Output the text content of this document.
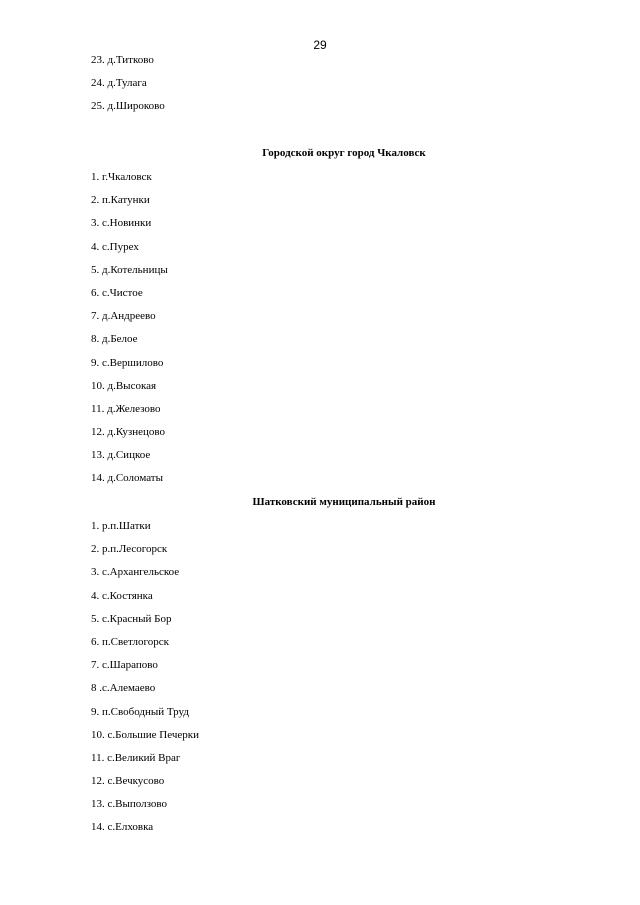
29
23. д.Титково
24. д.Тулага
25. д.Широково
Городской округ город Чкаловск
1. г.Чкаловск
2. п.Катунки
3. с.Новинки
4. с.Пурех
5. д.Котельницы
6. с.Чистое
7. д.Андреево
8. д.Белое
9. с.Вершилово
10. д.Высокая
11. д.Железово
12. д.Кузнецово
13. д.Сицкое
14. д.Соломаты
Шатковский муниципальный район
1. р.п.Шатки
2. р.п.Лесогорск
3. с.Архангельское
4. с.Костянка
5. с.Красный Бор
6. п.Светлогорск
7. с.Шарапово
8 .с.Алемаево
9. п.Свободный Труд
10. с.Большие Печерки
11. с.Великий Враг
12. с.Вечкусово
13. с.Выползово
14. с.Елховка
